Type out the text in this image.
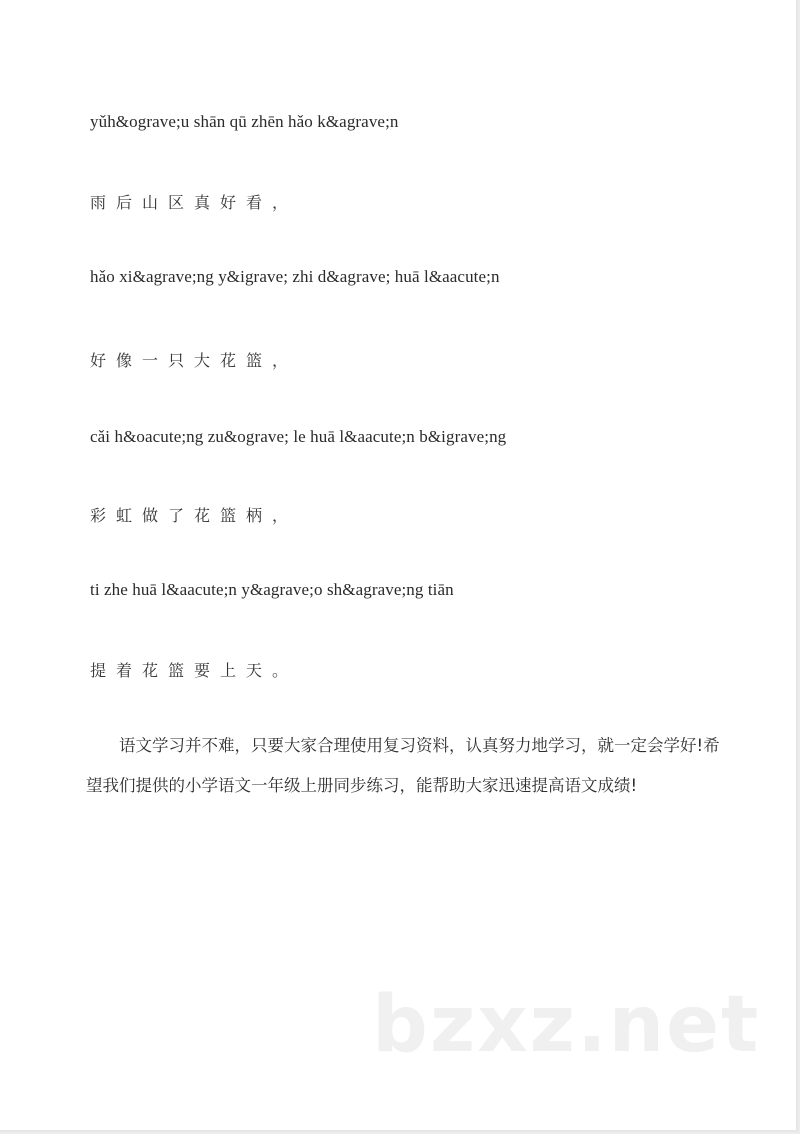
yǔh&ograve;u shān qū zhēn hǎo k&agrave;n

雨后山区真好看，

hǎo xi&agrave;ng y&igrave; zhi d&agrave; huā l&aacute;n

好像一只大花篮，

cǎi h&oacute;ng zu&ograve; le huā l&aacute;n b&igrave;ng

彩虹做了花篮柄，

ti zhe huā l&aacute;n y&agrave;o sh&agrave;ng tiān

提着花篮要上天。

语文学习并不难，只要大家合理使用复习资料，认真努力地学习，就一定会学好!希望我们提供的小学语文一年级上册同步练习，能帮助大家迅速提高语文成绩!

bzxz.net
